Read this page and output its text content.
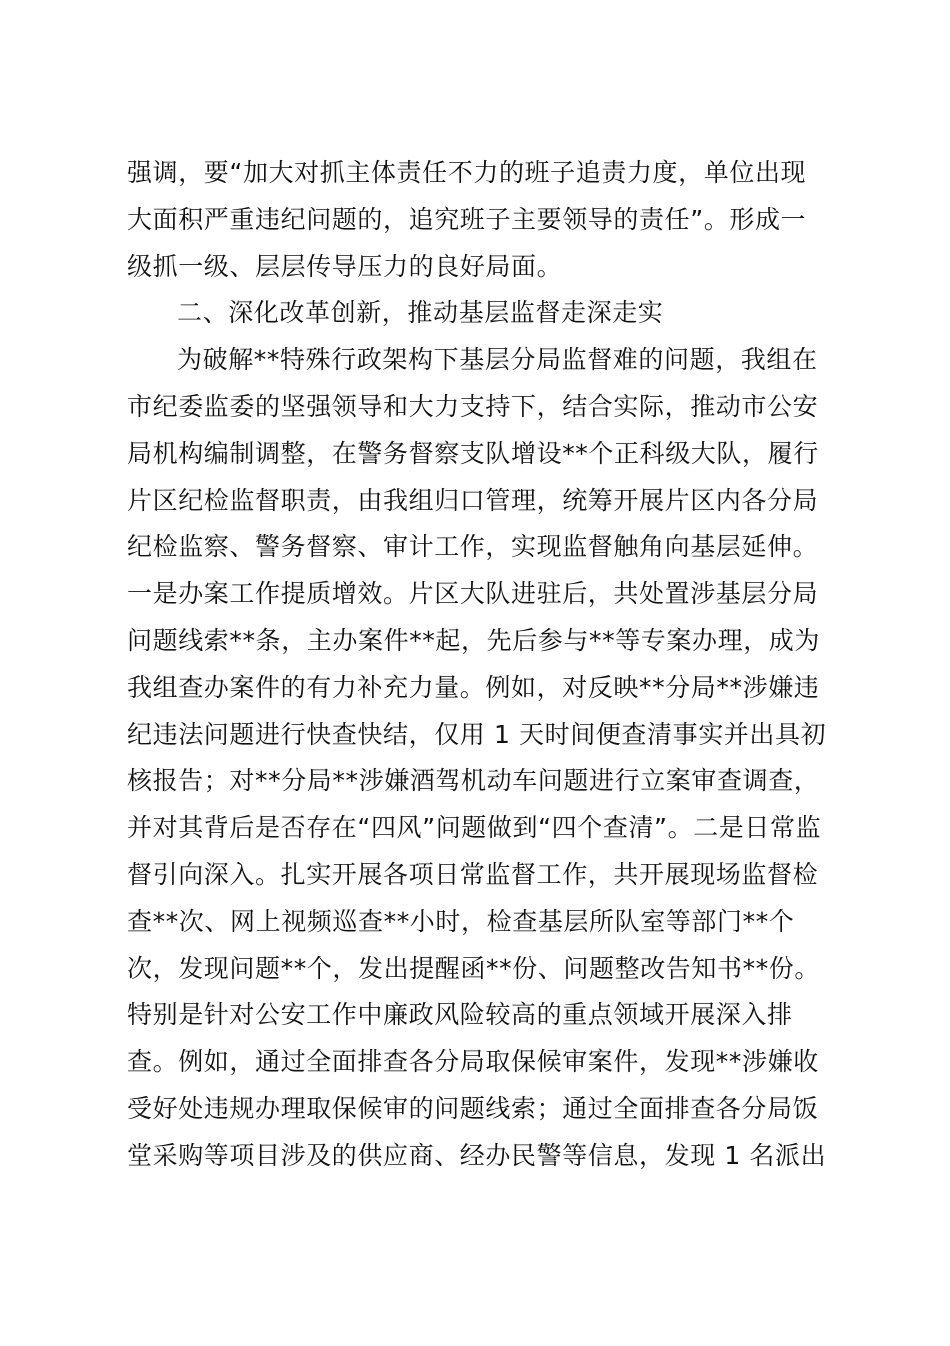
强调，要“加大对抓主体责任不力的班子追责力度，单位出现
大面积严重违纪问题的，追究班子主要领导的责任”。形成一
级抓一级、层层传导压力的良好局面。
二、深化改革创新，推动基层监督走深走实
为破解**特殊行政架构下基层分局监督难的问题，我组在
市纪委监委的坚强领导和大力支持下，结合实际，推动市公安
局机构编制调整，在警务督察支队增设**个正科级大队，履行
片区纪检监督职责，由我组归口管理，统筹开展片区内各分局
纪检监察、警务督察、审计工作，实现监督触角向基层延伸。
一是办案工作提质增效。片区大队进驻后，共处置涉基层分局
问题线索**条，主办案件**起，先后参与**等专案办理，成为
我组查办案件的有力补充力量。例如，对反映**分局**涉嫌违
纪违法问题进行快查快结，仅用 1 天时间便查清事实并出具初
核报告；对**分局**涉嫌酒驾机动车问题进行立案审查调查，
并对其背后是否存在“四风”问题做到“四个查清”。二是日常监
督引向深入。扎实开展各项日常监督工作，共开展现场监督检
查**次、网上视频巡查**小时，检查基层所队室等部门**个
次，发现问题**个，发出提醒函**份、问题整改告知书**份。
特别是针对公安工作中廉政风险较高的重点领域开展深入排
查。例如，通过全面排查各分局取保候审案件，发现**涉嫌收
受好处违规办理取保候审的问题线索；通过全面排查各分局饭
堂采购等项目涉及的供应商、经办民警等信息，发现 1 名派出
